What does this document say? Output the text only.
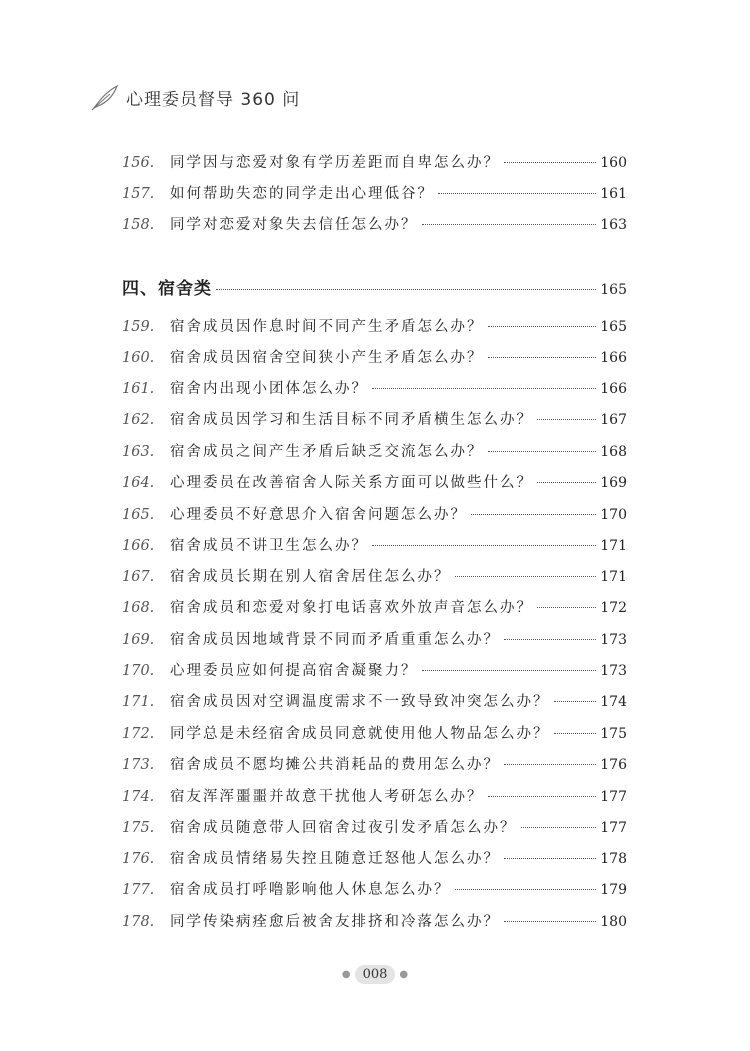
心理委员督导 360 问
156.	同学因与恋爱对象有学历差距而自卑怎么办？	160
157.	如何帮助失恋的同学走出心理低谷？	161
158.	同学对恋爱对象失去信任怎么办？	163
四、宿舍类	165
159.	宿舍成员因作息时间不同产生矛盾怎么办？	165
160.	宿舍成员因宿舍空间狭小产生矛盾怎么办？	166
161.	宿舍内出现小团体怎么办？	166
162.	宿舍成员因学习和生活目标不同矛盾横生怎么办？	167
163.	宿舍成员之间产生矛盾后缺乏交流怎么办？	168
164.	心理委员在改善宿舍人际关系方面可以做些什么？	169
165.	心理委员不好意思介入宿舍问题怎么办？	170
166.	宿舍成员不讲卫生怎么办？	171
167.	宿舍成员长期在别人宿舍居住怎么办？	171
168.	宿舍成员和恋爱对象打电话喜欢外放声音怎么办？	172
169.	宿舍成员因地域背景不同而矛盾重重怎么办？	173
170.	心理委员应如何提高宿舍凝聚力？	173
171.	宿舍成员因对空调温度需求不一致导致冲突怎么办？	174
172.	同学总是未经宿舍成员同意就使用他人物品怎么办？	175
173.	宿舍成员不愿均摊公共消耗品的费用怎么办？	176
174.	宿友浑浑噩噩并故意干扰他人考研怎么办？	177
175.	宿舍成员随意带人回宿舍过夜引发矛盾怎么办？	177
176.	宿舍成员情绪易失控且随意迁怒他人怎么办？	178
177.	宿舍成员打呼噜影响他人休息怎么办？	179
178.	同学传染病痊愈后被舍友排挤和冷落怎么办？	180
● 008	●
